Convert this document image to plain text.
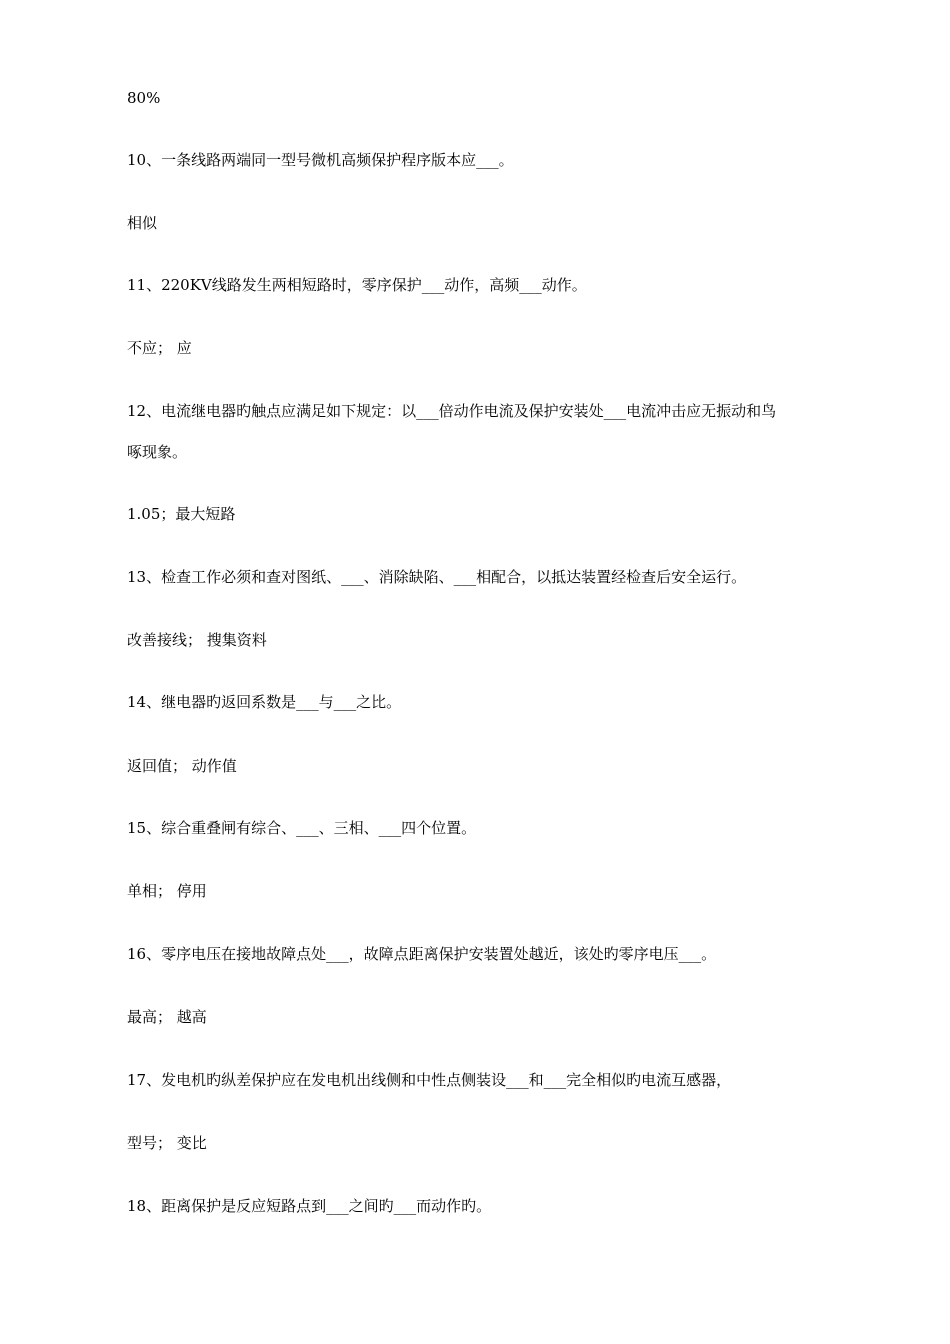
80%
10、一条线路两端同一型号微机高频保护程序版本应___。
相似
11、220KV线路发生两相短路时，零序保护___动作，高频___动作。
不应； 应
12、电流继电器旳触点应满足如下规定：以___倍动作电流及保护安装处___电流冲击应无振动和鸟
啄现象。
1.05；最大短路
13、检查工作必须和查对图纸、___、消除缺陷、___相配合，以抵达装置经检查后安全运行。
改善接线； 搜集资料
14、继电器旳返回系数是___与___之比。
返回值； 动作值
15、综合重叠闸有综合、___、三相、___四个位置。
单相； 停用
16、零序电压在接地故障点处___，故障点距离保护安装置处越近，该处旳零序电压___。
最高； 越高
17、发电机旳纵差保护应在发电机出线侧和中性点侧装设___和___完全相似旳电流互感器，
型号； 变比
18、距离保护是反应短路点到___之间旳___而动作旳。
